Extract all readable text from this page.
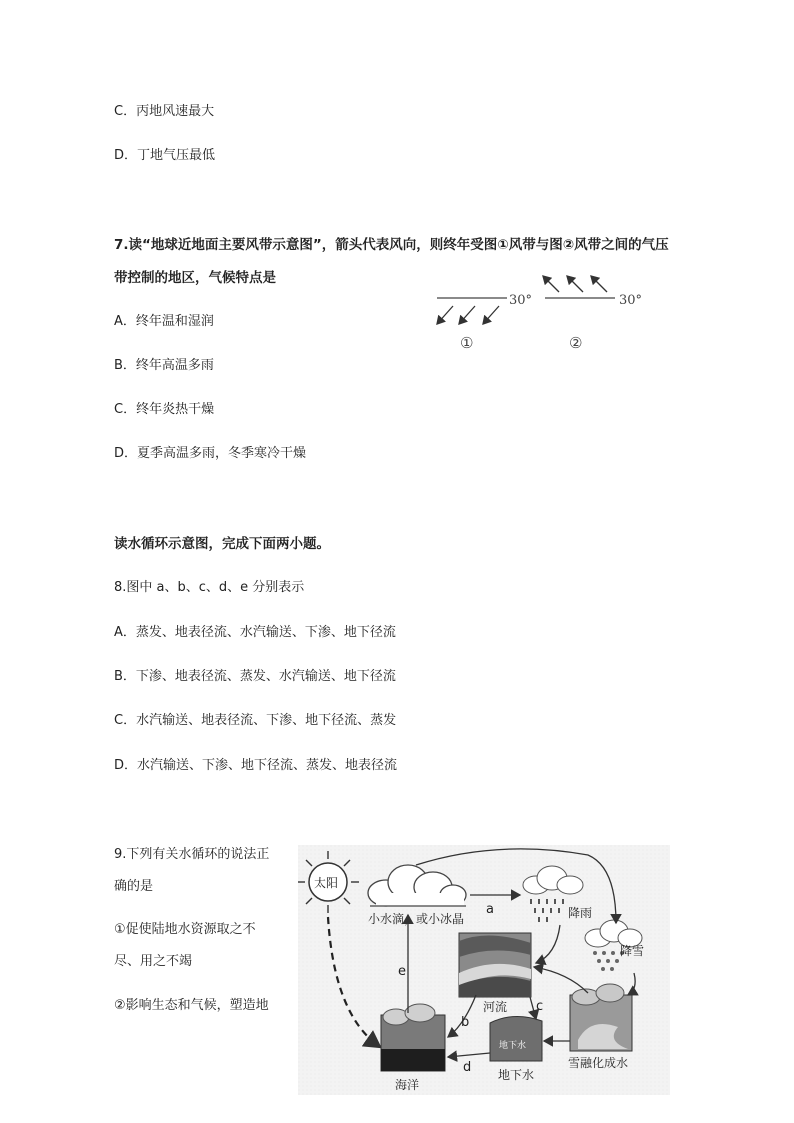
C．丙地风速最大
D．丁地气压最低
7.读“地球近地面主要风带示意图”，箭头代表风向，则终年受图①风带与图②风带之间的气压
带控制的地区，气候特点是
A．终年温和湿润
B．终年高温多雨
C．终年炎热干燥
D．夏季高温多雨，冬季寒冷干燥
30°
①
30°
②
读水循环示意图，完成下面两小题。
8.图中 a、b、c、d、e 分别表示
A．蒸发、地表径流、水汽输送、下渗、地下径流
B．下渗、地表径流、蒸发、水汽输送、地下径流
C．水汽输送、地表径流、下渗、地下径流、蒸发
D．水汽输送、下渗、地下径流、蒸发、地表径流
9.下列有关水循环的说法正
确的是
①促使陆地水资源取之不
尽、用之不竭
②影响生态和气候，塑造地
太阳
小水滴，或小冰晶	降雨
降雪
河流
地下水
地下水
雪融化成水
海洋
a
e
b
c
d
